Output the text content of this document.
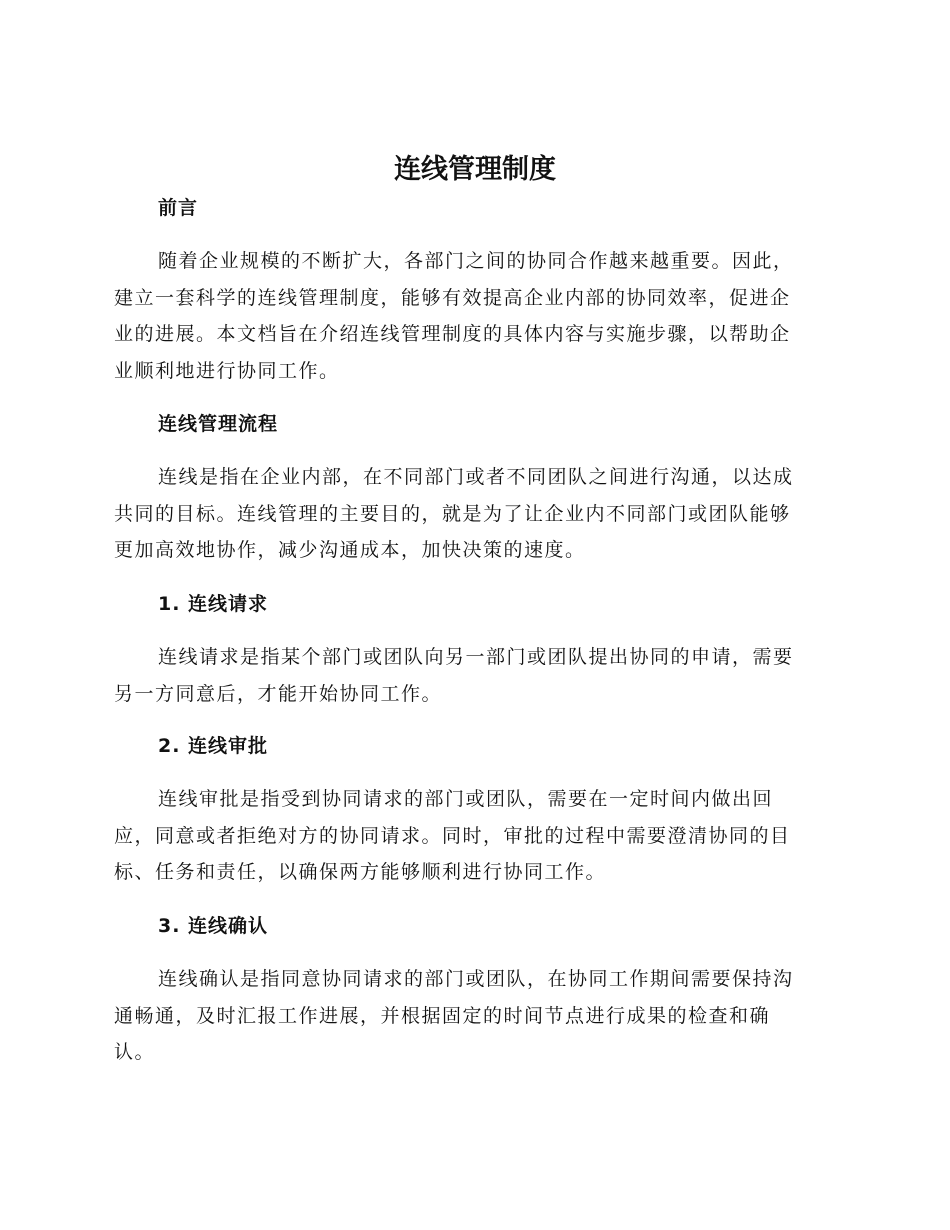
连线管理制度
前言

随着企业规模的不断扩大，各部门之间的协同合作越来越重要。因此，
建立一套科学的连线管理制度，能够有效提高企业内部的协同效率，促进企
业的进展。本文档旨在介绍连线管理制度的具体内容与实施步骤，以帮助企
业顺利地进行协同工作。

连线管理流程

连线是指在企业内部，在不同部门或者不同团队之间进行沟通，以达成
共同的目标。连线管理的主要目的，就是为了让企业内不同部门或团队能够
更加高效地协作，减少沟通成本，加快决策的速度。

1. 连线请求

连线请求是指某个部门或团队向另一部门或团队提出协同的申请，需要
另一方同意后，才能开始协同工作。

2. 连线审批

连线审批是指受到协同请求的部门或团队，需要在一定时间内做出回
应，同意或者拒绝对方的协同请求。同时，审批的过程中需要澄清协同的目
标、任务和责任，以确保两方能够顺利进行协同工作。

3. 连线确认

连线确认是指同意协同请求的部门或团队，在协同工作期间需要保持沟
通畅通，及时汇报工作进展，并根据固定的时间节点进行成果的检查和确
认。
